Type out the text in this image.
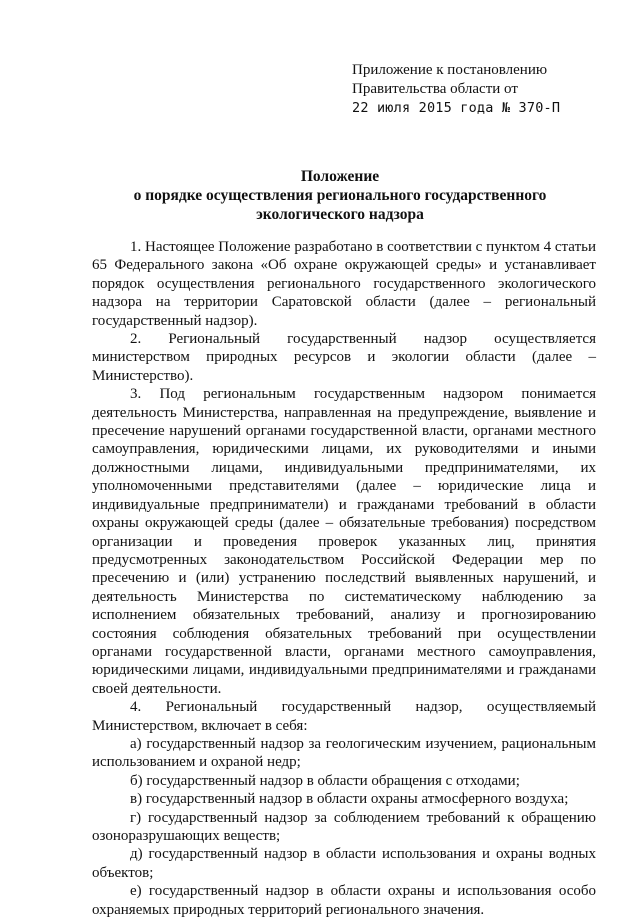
Приложение к постановлению
Правительства области от
22 июля 2015 года № 370-П
Положение
о порядке осуществления регионального государственного
экологического надзора

1. Настоящее Положение разработано в соответствии с пунктом 4 статьи 65 Федерального закона «Об охране окружающей среды» и устанавливает порядок осуществления регионального государственного экологического надзора на территории Саратовской области (далее – региональный государственный надзор).

2. Региональный государственный надзор осуществляется министерством природных ресурсов и экологии области (далее – Министерство).

3. Под региональным государственным надзором понимается деятельность Министерства, направленная на предупреждение, выявление и пресечение нарушений органами государственной власти, органами местного самоуправления, юридическими лицами, их руководителями и иными должностными лицами, индивидуальными предпринимателями, их уполномоченными представителями (далее – юридические лица и индивидуальные предприниматели) и гражданами требований в области охраны окружающей среды (далее – обязательные требования) посредством организации и проведения проверок указанных лиц, принятия предусмотренных законодательством Российской Федерации мер по пресечению и (или) устранению последствий выявленных нарушений, и деятельность Министерства по систематическому наблюдению за исполнением обязательных требований, анализу и прогнозированию состояния соблюдения обязательных требований при осуществлении органами государственной власти, органами местного самоуправления, юридическими лицами, индивидуальными предпринимателями и гражданами своей деятельности.

4. Региональный государственный надзор, осуществляемый Министерством, включает в себя:

а) государственный надзор за геологическим изучением, рациональным использованием и охраной недр;

б) государственный надзор в области обращения с отходами;

в) государственный надзор в области охраны атмосферного воздуха;

г) государственный надзор за соблюдением требований к обращению озоноразрушающих веществ;

д) государственный надзор в области использования и охраны водных объектов;

е) государственный надзор в области охраны и использования особо охраняемых природных территорий регионального значения.
